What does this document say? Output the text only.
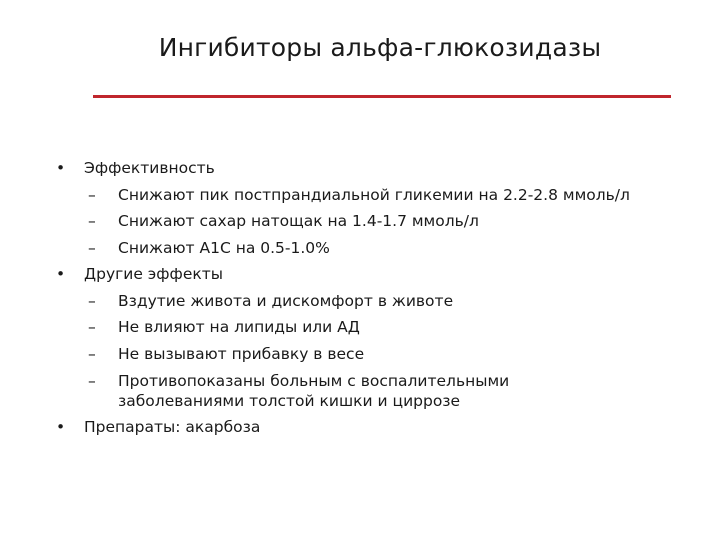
Ингибиторы альфа-глюкозидазы
•	Эффективность
–	Снижают пик постпрандиальной гликемии на 2.2-2.8 ммоль/л
–	Снижают сахар натощак на 1.4-1.7 ммоль/л
–	Снижают A1C на 0.5-1.0%
•	Другие эффекты
–	Вздутие живота и дискомфорт в животе
–	Не влияют на липиды или АД
–	Не вызывают прибавку в весе
–	Противопоказаны больным с воспалительными заболеваниями толстой кишки и циррозе
•	Препараты: акарбоза
